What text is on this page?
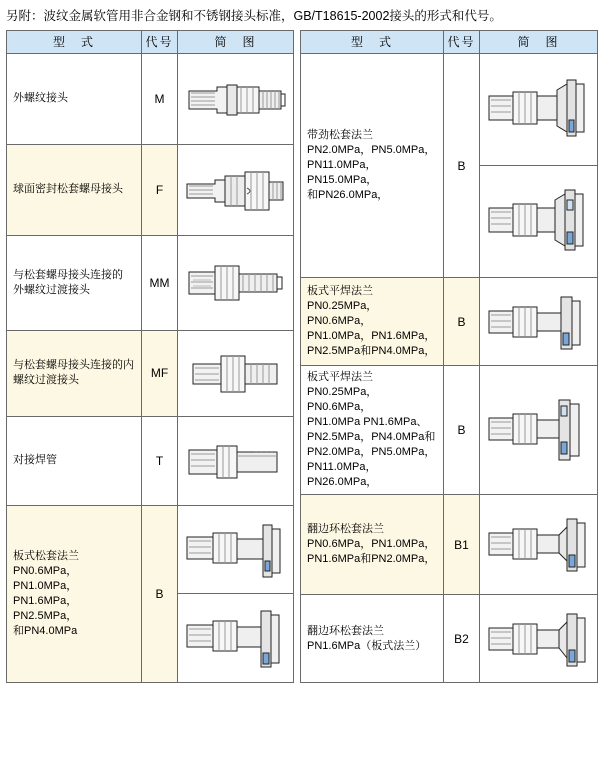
另附：波纹金属软管用非合金钢和不锈钢接头标准，GB/T18615-2002接头的形式和代号。
型　式	代号	简　图

外螺纹接头	M	

球面密封松套螺母接头	F	

与松套螺母接头连接的
外螺纹过渡接头	MM	

与松套螺母接头连接的内
螺纹过渡接头	MF	

对接焊管	T	

板式松套法兰
PN0.6MPa，PN1.0MPa，
PN1.6MPa，PN2.5MPa，
和PN4.0MPa	B	

型　式	代号	简　图

带劲松套法兰
PN2.0MPa，PN5.0MPa，
PN11.0MPa，PN15.0MPa，
和PN26.0MPa，	B	

板式平焊法兰
PN0.25MPa，PN0.6MPa，
PN1.0MPa，PN1.6MPa，
PN2.5MPa和PN4.0MPa，	B	

板式平焊法兰
PN0.25MPa，PN0.6MPa，
PN1.0MPa PN1.6MPa、
PN2.5MPa，PN4.0MPa和
PN2.0MPa，PN5.0MPa，
PN11.0MPa，PN26.0MPa，
	B	

翻边环松套法兰
PN0.6MPa，PN1.0MPa，
PN1.6MPa和PN2.0MPa，	B1	

翻边环松套法兰
PN1.6MPa（板式法兰）	B2	
